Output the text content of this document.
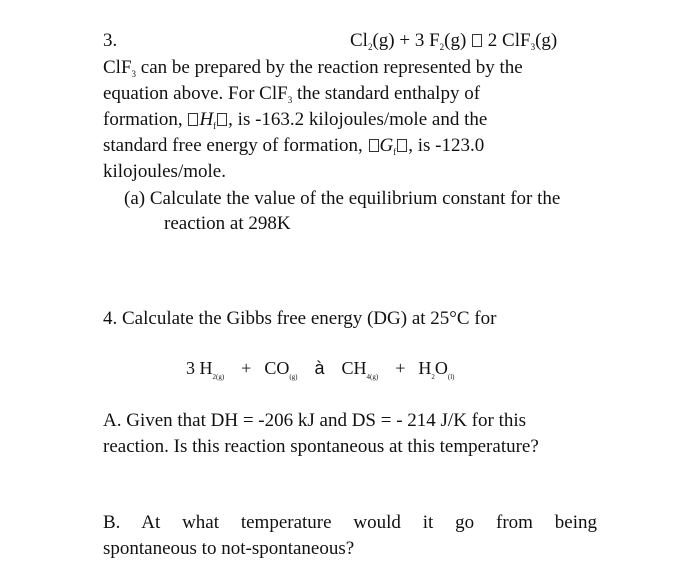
3.	$Cl_2(g) + 3$ $F_2(g)$ 2 ClF$_3$(g)
ClF$_3$ can be prepared by the reaction represented by the
equation above. For ClF$_3$ the standard enthalpy of
formation, $H_f$ , is -163.2 kilojoules/mole and the
standard free energy of formation, $G_f$ , is -123.0
kilojoules/mole.
(a) Calculate the value of the equilibrium constant for the
reaction at 298K
4. Calculate the Gibbs free energy (DG) at 25°C for
3 $H_{2(g)} + CO_{(g)}$ à $CH_{4(g)} + H_2O_{(l)}$
A. Given that DH = -206 kJ and DS = - 214 J/K for this
reaction. Is this reaction spontaneous at this temperature?
B. At what temperature would it go from being
spontaneous to not-spontaneous?
